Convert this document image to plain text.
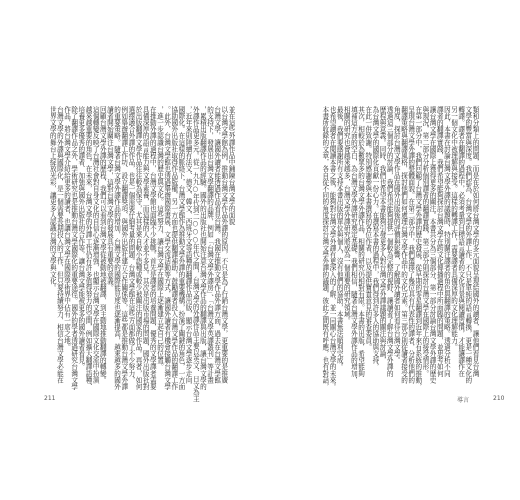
並在這些外譯作品中鋪陳台灣文學的面貌
以台灣文學館為例，推動台灣文學作品外譯的原因，不只是為了行銷台灣文學，更重要的是推廣
台灣文學，讓國外讀者能透過作品看見台灣。我國在推動文學作品外譯方面，過去在台灣文學館
的支持下，發展出台灣文學翻譯的品牌，例如「台灣文學外譯房」、「台灣文學英譯叢刊」等計畫
，累積出版翻譯作品的經驗。國外的出版社也開始注意台灣文學作品的翻譯與出版，讓台灣文學的
外譯作品更多元。從一九九○年代到二○○○年代之間，台灣文學的外譯作品主要以英文、日文為主
，近年來則陸續有法文、德文、韓文、西班牙文等語種的翻譯作品出版，顯示台灣文學逐步走向
國際化。在這樣的脈絡下，台灣文學館作為推動文學外譯的重要機構，扮演了關鍵的角色，一方面
協助國外出版社取得作品版權，另一方面也提供翻譯補助，鼓勵譯者投入台灣文學作品的翻譯工作
。此外，台灣文學館也透過舉辦國際書展、文學交流活動等方式，讓國外讀者有機會接觸台灣文學
，進一步認識台灣的歷史與文化。這些努力，讓台灣文學在國際上逐漸建立起自己的位置。
在推動外譯的過程中，台灣文學館也面臨不少挑戰。首先是譯者的培養問題，優秀的文學譯者需要
具備深厚的語言能力與文學素養，而這樣的人才並不多見。其次是出版市場的問題，國外出版社對
於出版翻譯文學作品往往較為保守，尤其是來自較小語種或較少被關注的國家的作品。再者，如何
選擇適合外譯的作品，也是一個需要仔細考量的問題。台灣文學館在這些方面都做了不少努力，
例如舉辦翻譯工作坊、設立翻譯獎項、與國外出版社建立合作關係等，這些都是推動台灣文學外譯
的重要策略。隨著台灣文學外譯作品的增加，台灣文學的國際能見度也逐漸提高，越來越多的國外
讀者開始關注台灣文學，這對台灣文學的發展具有重要的意義。
回顧台灣文學外譯的歷程，我們可以看到台灣文學從被動地被翻譯，到主動地推動翻譯的轉變。
這個轉變反映了台灣社會對自身文化的自信心逐漸增強，也顯示台灣文學在國際文化交流中扮演
越來越重要的角色。在未來，台灣文學的外譯工作仍有許多值得努力的空間，例如擴大翻譯語種、
培養更多優秀的譯者、加強與國外出版社的合作等，讓台灣文學能被更多的國外讀者看見。
除了翻譯作品之外，學術研究也是推動台灣文學國際化的重要途徑。國外的學者透過研究台灣文學
作品，將台灣文學介紹給更多的讀者，也讓台灣文學在國際學術界中佔有一席之地。
台灣文學的外譯與國際化，是一個需要長期投入的工作，但只要持續努力，相信台灣文學必能在
世界文學的舞台上綻放光彩，讓更多人認識台灣的文學與文化。
211
類和分類上的問題，而是在於如何將台灣文學的多元面貌呈現給國外的讀者，讓他們看見台灣
文學的豐富與深度。我們認為，台灣文學的外譯工作，不只是單純的語言轉換，更是一種文化的
轉譯。譯者在翻譯的過程中，必須考量到目標語言讀者的文化背景與閱讀習慣，才能讓譯作在
另一個文化中被理解與接受。這樣的轉譯工作，需要譯者具備深厚的文化理解能力。
因此，本書在討論台灣文學外譯的議題時，特別關注譯者的角色與翻譯的策略。透過分析不同
譯者的翻譯實踐，我們希望能夠探討台灣文學在跨文化傳播過程中所面臨的問題，並思考如何
讓台灣文學在國際上獲得更多的關注。本書共分為三個部分，第一部分討論台灣文學外譯的歷史
與現況，第二部分分析個別譯者的翻譯實踐，第三部分則探討台灣文學在國際上的接受情形。
在第一部分中，我們回顧了台灣文學外譯的歷史發展，從早期的零星翻譯到近年來有系統的推動，
呈現台灣文學外譯的整體面貌。在第二部分中，我們選擇了幾位具有代表性的譯者，分析他們的
翻譯策略與翻譯風格，探討他們如何處理台灣文學作品中的文化元素。第三部分則從讀者接受的
角度，探討台灣文學作品在國外出版後的評價與影響，了解國外讀者如何看待台灣文學。
透過這三個部分的討論，我們希望能夠提供一個較為完整的視野，讓讀者了解台灣文學外譯的
歷程與意義。同時，我們也希望本書能夠引發更多人對台灣文學外譯議題的關注與討論，
為台灣文學的國際化貢獻一份心力。在撰寫本書的過程中，我們得到許多人的協助與支持，
在此一併致謝。特別感謝參與本書撰寫的各位作者，以及提供寶貴意見的審查委員。
其次，相較於為數眾多的台灣文學外譯作品，相關的研究仍相對有限。本書的出版，希望能夠
填補這方面的空白，為台灣文學外譯研究奠定基礎。我們相信，隨著台灣文學外譯作品的增加，
相關的研究也會越來越多，台灣文學外譯研究將成為一個重要的研究領域。
最後，我們要感謝所有支持本書出版的單位與個人，沒有他們的協助，本書無法順利完成。
也希望讀者在閱讀本書之後，能夠對台灣文學外譯有更深入的了解，並一同關心台灣文學的未來。
本書所收錄的文章，各自從不同的角度探討台灣文學外譯的議題，彼此之間既有呼應，也有對話，
導言	210
